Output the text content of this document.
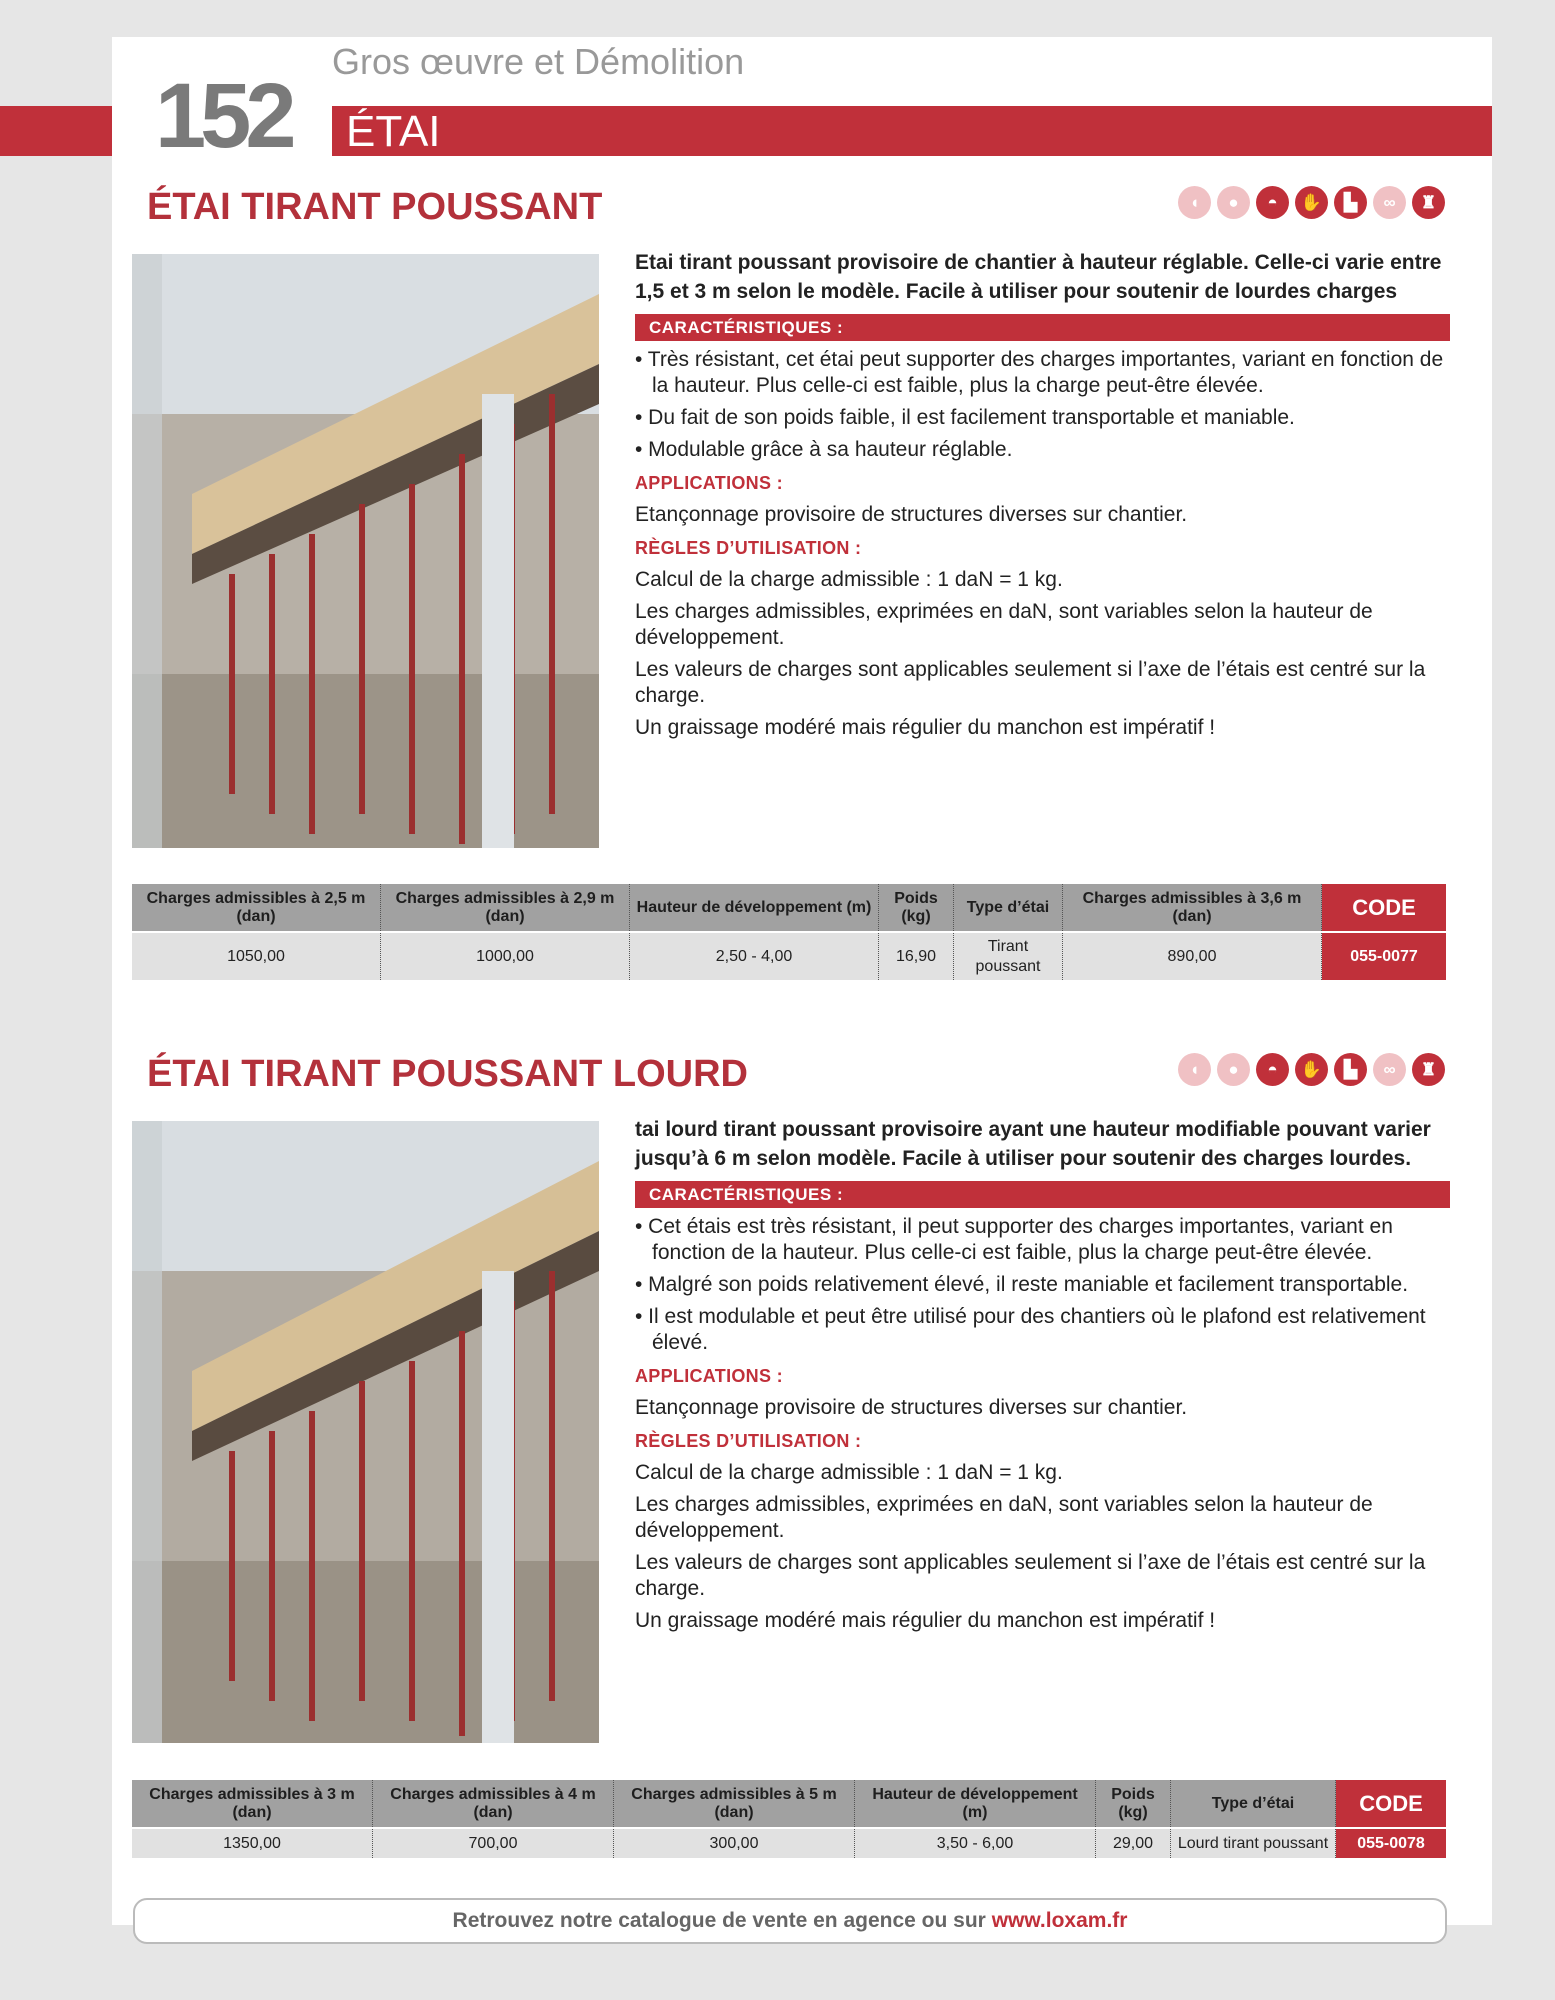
152
Gros œuvre et Démolition
ÉTAI
ÉTAI TIRANT POUSSANT	◖	●	◓	✋	▙	∞	♜

Etai tirant poussant provisoire de chantier à hauteur réglable. Celle-ci varie entre 1,5 et 3 m selon le modèle. Facile à utiliser pour soutenir de lourdes charges

CARACTÉRISTIQUES :

• Très résistant, cet étai peut supporter des charges importantes, variant en fonction de la hauteur. Plus celle-ci est faible, plus la charge peut-être élevée.

• Du fait de son poids faible, il est facilement transportable et maniable.

• Modulable grâce à sa hauteur réglable.

APPLICATIONS :

Etançonnage provisoire de structures diverses sur chantier.

RÈGLES D’UTILISATION :

Calcul de la charge admissible : 1 daN = 1 kg.

Les charges admissibles, exprimées en daN, sont variables selon la hauteur de développement.

Les valeurs de charges sont applicables seulement si l’axe de l’étais est centré sur la charge.

Un graissage modéré mais régulier du manchon est impératif !

Charges admissibles à 2,5 m (dan)	Charges admissibles à 2,9 m (dan)	Hauteur de développement (m)	Poids (kg)	Type d’étai	Charges admissibles à 3,6 m (dan)	CODE
1050,00	1000,00	2,50 - 4,00	16,90	Tirant poussant	890,00	055-0077
ÉTAI TIRANT POUSSANT LOURD	◖	●	◓	✋	▙	∞	♜

tai lourd tirant poussant provisoire ayant une hauteur modifiable pouvant varier jusqu’à 6 m selon modèle. Facile à utiliser pour soutenir des charges lourdes.

CARACTÉRISTIQUES :

• Cet étais est très résistant, il peut supporter des charges importantes, variant en fonction de la hauteur. Plus celle-ci est faible, plus la charge peut-être élevée.

• Malgré son poids relativement élevé, il reste maniable et facilement transportable.

• Il est modulable et peut être utilisé pour des chantiers où le plafond est relativement élevé.

APPLICATIONS :

Etançonnage provisoire de structures diverses sur chantier.

RÈGLES D’UTILISATION :

Calcul de la charge admissible : 1 daN = 1 kg.

Les charges admissibles, exprimées en daN, sont variables selon la hauteur de développement.

Les valeurs de charges sont applicables seulement si l’axe de l’étais est centré sur la charge.

Un graissage modéré mais régulier du manchon est impératif !

Charges admissibles à 3 m (dan)	Charges admissibles à 4 m (dan)	Charges admissibles à 5 m (dan)	Hauteur de développement (m)	Poids (kg)	Type d’étai	CODE
1350,00	700,00	300,00	3,50 - 6,00	29,00	Lourd tirant poussant	055-0078
Retrouvez notre catalogue de vente en agence ou sur www.loxam.fr
